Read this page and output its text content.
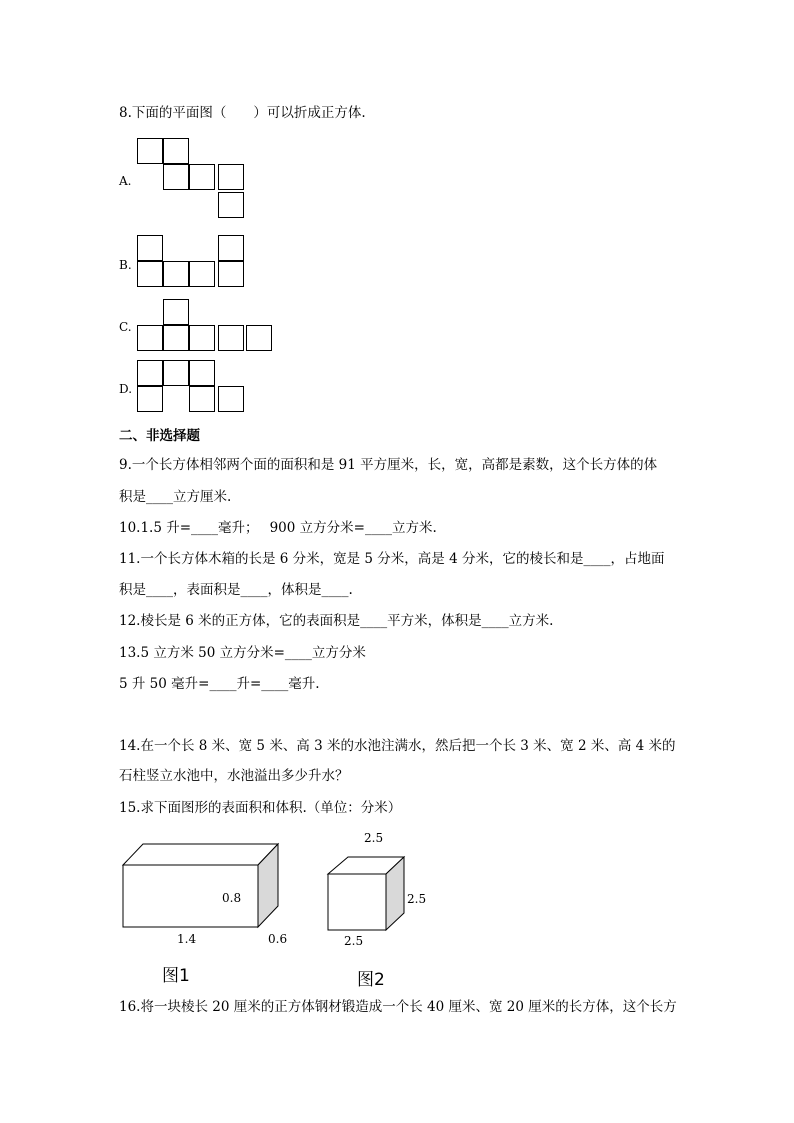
8.下面的平面图（　　）可以折成正方体.
A.
B.
C.
D.
二、非选择题
9.一个长方体相邻两个面的面积和是 91 平方厘米，长，宽，高都是素数，这个长方体的体
积是____立方厘米.
10.1.5 升=____毫升；　 900 立方分米=____立方米.
11.一个长方体木箱的长是 6 分米，宽是 5 分米，高是 4 分米，它的棱长和是____，占地面
积是____，表面积是____，体积是____.
12.棱长是 6 米的正方体，它的表面积是____平方米，体积是____立方米.
13.5 立方米 50 立方分米=____立方分米
5 升 50 毫升=____升=____毫升.
14.在一个长 8 米、宽 5 米、高 3 米的水池注满水，然后把一个长 3 米、宽 2 米、高 4 米的
石柱竖立水池中，水池溢出多少升水？
15.求下面图形的表面积和体积.（单位：分米）
0.8
1.4	0.6
图1
2.5
2.5
2.5
图2
16.将一块棱长 20 厘米的正方体钢材锻造成一个长 40 厘米、宽 20 厘米的长方体，这个长方
